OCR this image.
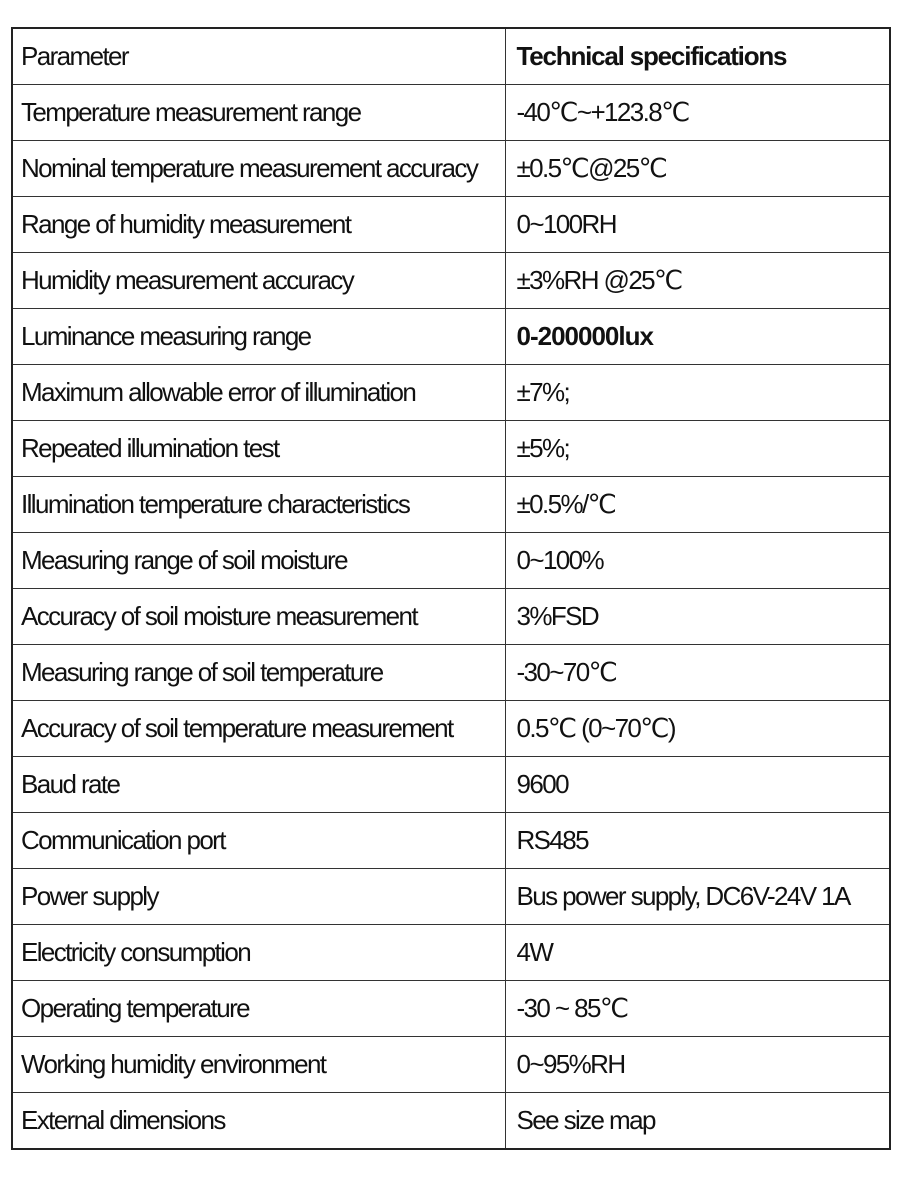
Parameter	Technical specifications
Temperature measurement range	-40℃~+123.8℃
Nominal temperature measurement accuracy	±0.5℃@25℃
Range of humidity measurement	0~100RH
Humidity measurement accuracy	±3%RH @25℃
Luminance measuring range	0-200000lux
Maximum allowable error of illumination	±7%;
Repeated illumination test	±5%;
Illumination temperature characteristics	±0.5%/℃
Measuring range of soil moisture	0~100%
Accuracy of soil moisture measurement	3%FSD
Measuring range of soil temperature	-30~70℃
Accuracy of soil temperature measurement	0.5℃ (0~70℃)
Baud rate	9600
Communication port	RS485
Power supply	Bus power supply, DC6V-24V 1A
Electricity consumption	4W
Operating temperature	-30 ~ 85℃
Working humidity environment	0~95%RH
External dimensions	See size map
